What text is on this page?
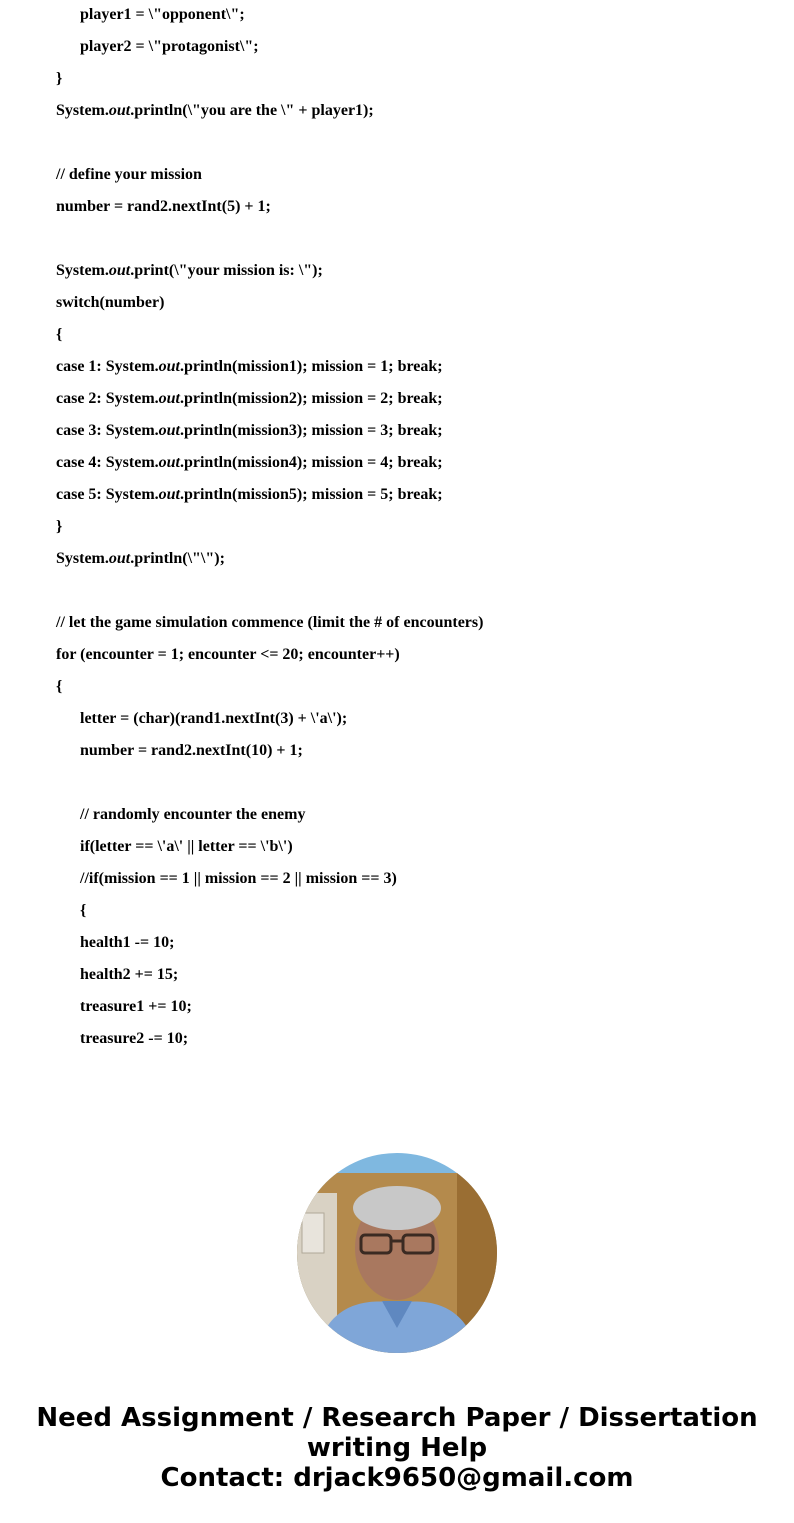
player1 = \"opponent\";
player2 = \"protagonist\";
}
System.out.println(\"you are the \" + player1);
// define your mission
number = rand2.nextInt(5) + 1;
System.out.print(\"your mission is: \");
switch(number)
{
case 1: System.out.println(mission1); mission = 1; break;
case 2: System.out.println(mission2); mission = 2; break;
case 3: System.out.println(mission3); mission = 3; break;
case 4: System.out.println(mission4); mission = 4; break;
case 5: System.out.println(mission5); mission = 5; break;
}
System.out.println(\"\");
// let the game simulation commence (limit the # of encounters)
for (encounter = 1; encounter <= 20; encounter++)
{
letter = (char)(rand1.nextInt(3) + \'a\');
number = rand2.nextInt(10) + 1;
// randomly encounter the enemy
if(letter == \'a\' || letter == \'b\')
//if(mission == 1 || mission == 2 || mission == 3)
{
health1 -= 10;
health2 += 15;
treasure1 += 10;
treasure2 -= 10;
Need Assignment / Research Paper / Dissertation
writing Help
Contact: drjack9650@gmail.com
